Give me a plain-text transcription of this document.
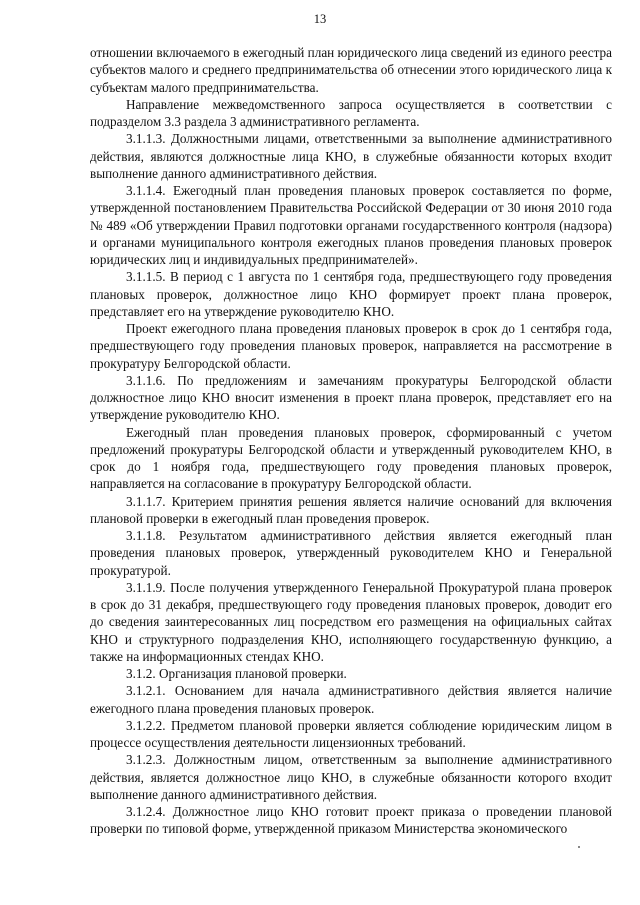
13

отношении включаемого в ежегодный план юридического лица сведений из единого реестра субъектов малого и среднего предпринимательства об отнесении этого юридического лица к субъектам малого предпринимательства.

Направление межведомственного запроса осуществляется в соответствии с подразделом 3.3 раздела 3 административного регламента.

3.1.1.3. Должностными лицами, ответственными за выполнение административного действия, являются должностные лица КНО, в служебные обязанности которых входит выполнение данного административного действия.

3.1.1.4. Ежегодный план проведения плановых проверок составляется по форме, утвержденной постановлением Правительства Российской Федерации от 30 июня 2010 года № 489 «Об утверждении Правил подготовки органами государственного контроля (надзора) и органами муниципального контроля ежегодных планов проведения плановых проверок юридических лиц и индивидуальных предпринимателей».

3.1.1.5. В период с 1 августа по 1 сентября года, предшествующего году проведения плановых проверок, должностное лицо КНО формирует проект плана проверок, представляет его на утверждение руководителю КНО.

Проект ежегодного плана проведения плановых проверок в срок до 1 сентября года, предшествующего году проведения плановых проверок, направляется на рассмотрение в прокуратуру Белгородской области.

3.1.1.6. По предложениям и замечаниям прокуратуры Белгородской области должностное лицо КНО вносит изменения в проект плана проверок, представляет его на утверждение руководителю КНО.

Ежегодный план проведения плановых проверок, сформированный с учетом предложений прокуратуры Белгородской области и утвержденный руководителем КНО, в срок до 1 ноября года, предшествующего году проведения плановых проверок, направляется на согласование в прокуратуру Белгородской области.

3.1.1.7. Критерием принятия решения является наличие оснований для включения плановой проверки в ежегодный план проведения проверок.

3.1.1.8. Результатом административного действия является ежегодный план проведения плановых проверок, утвержденный руководителем КНО и Генеральной прокуратурой.

3.1.1.9. После получения утвержденного Генеральной Прокуратурой плана проверок в срок до 31 декабря, предшествующего году проведения плановых проверок, доводит его до сведения заинтересованных лиц посредством его размещения на официальных сайтах КНО и структурного подразделения КНО, исполняющего государственную функцию, а также на информационных стендах КНО.

3.1.2. Организация плановой проверки.

3.1.2.1. Основанием для начала административного действия является наличие ежегодного плана проведения плановых проверок.

3.1.2.2. Предметом плановой проверки является соблюдение юридическим лицом в процессе осуществления деятельности лицензионных требований.

3.1.2.3. Должностным лицом, ответственным за выполнение административного действия, является должностное лицо КНО, в служебные обязанности которого входит выполнение данного административного действия.

3.1.2.4. Должностное лицо КНО готовит проект приказа о проведении плановой проверки по типовой форме, утвержденной приказом Министерства экономического
